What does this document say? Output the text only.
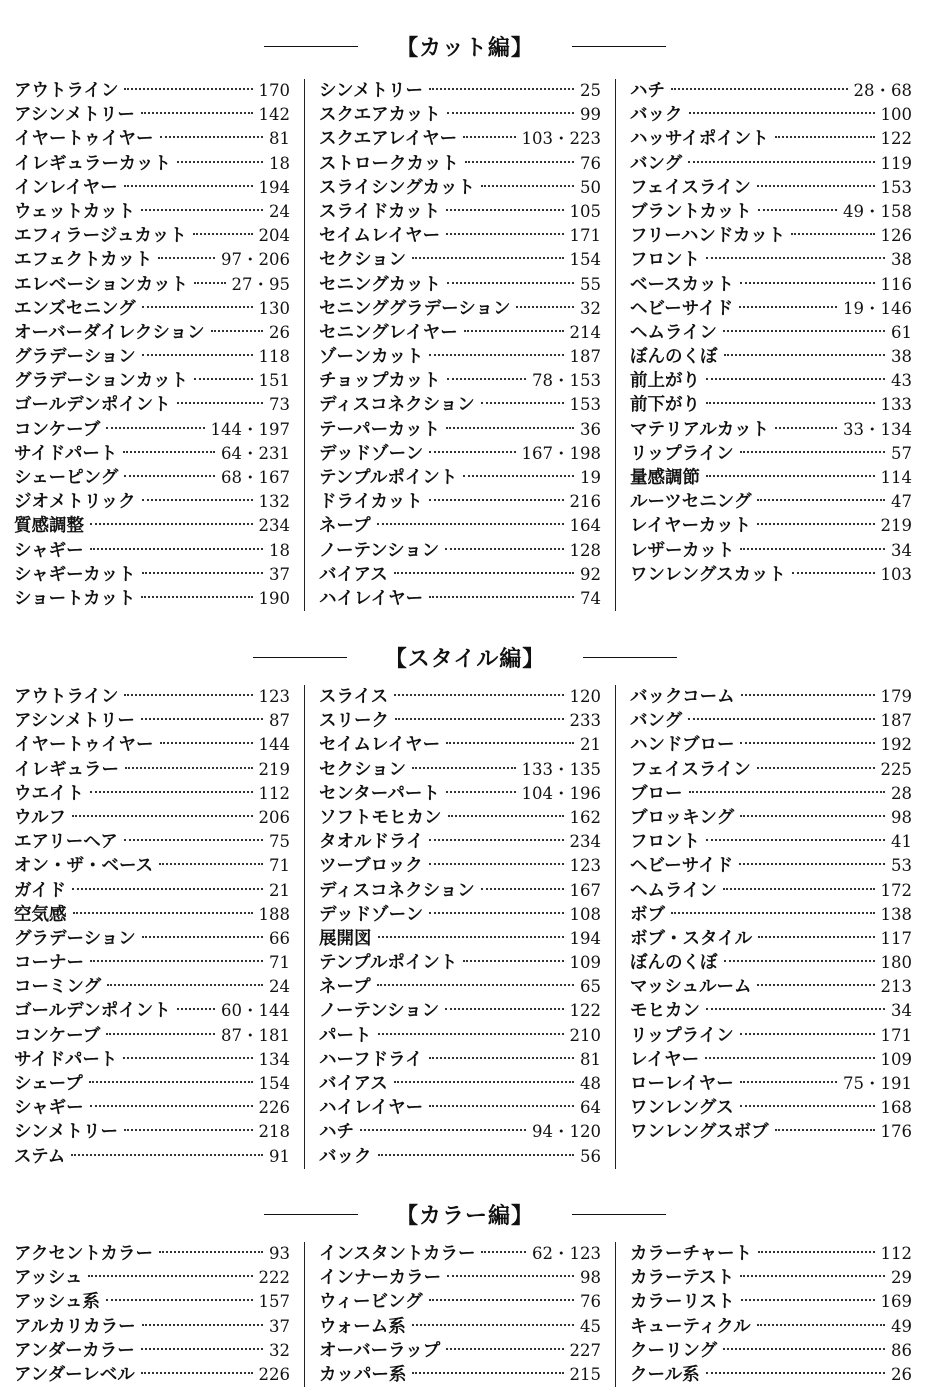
【カット編】
アウトライン	170
アシンメトリー	142
イヤートゥイヤー	81
イレギュラーカット	18
インレイヤー	194
ウェットカット	24
エフィラージュカット	204
エフェクトカット	97・206
エレベーションカット	27・95
エンズセニング	130
オーバーダイレクション	26
グラデーション	118
グラデーションカット	151
ゴールデンポイント	73
コンケーブ	144・197
サイドパート	64・231
シェーピング	68・167
ジオメトリック	132
質感調整	234
シャギー	18
シャギーカット	37
ショートカット	190
シンメトリー	25
スクエアカット	99
スクエアレイヤー	103・223
ストロークカット	76
スライシングカット	50
スライドカット	105
セイムレイヤー	171
セクション	154
セニングカット	55
セニンググラデーション	32
セニングレイヤー	214
ゾーンカット	187
チョップカット	78・153
ディスコネクション	153
テーパーカット	36
デッドゾーン	167・198
テンプルポイント	19
ドライカット	216
ネープ	164
ノーテンション	128
バイアス	92
ハイレイヤー	74
ハチ	28・68
バック	100
ハッサイポイント	122
バング	119
フェイスライン	153
ブラントカット	49・158
フリーハンドカット	126
フロント	38
ベースカット	116
ヘビーサイド	19・146
ヘムライン	61
ぼんのくぼ	38
前上がり	43
前下がり	133
マテリアルカット	33・134
リップライン	57
量感調節	114
ルーツセニング	47
レイヤーカット	219
レザーカット	34
ワンレングスカット	103
【スタイル編】
アウトライン	123
アシンメトリー	87
イヤートゥイヤー	144
イレギュラー	219
ウエイト	112
ウルフ	206
エアリーヘア	75
オン・ザ・ベース	71
ガイド	21
空気感	188
グラデーション	66
コーナー	71
コーミング	24
ゴールデンポイント	60・144
コンケーブ	87・181
サイドパート	134
シェープ	154
シャギー	226
シンメトリー	218
ステム	91
スライス	120
スリーク	233
セイムレイヤー	21
セクション	133・135
センターパート	104・196
ソフトモヒカン	162
タオルドライ	234
ツーブロック	123
ディスコネクション	167
デッドゾーン	108
展開図	194
テンプルポイント	109
ネープ	65
ノーテンション	122
パート	210
ハーフドライ	81
バイアス	48
ハイレイヤー	64
ハチ	94・120
バック	56
バックコーム	179
バング	187
ハンドブロー	192
フェイスライン	225
ブロー	28
ブロッキング	98
フロント	41
ヘビーサイド	53
ヘムライン	172
ボブ	138
ボブ・スタイル	117
ぼんのくぼ	180
マッシュルーム	213
モヒカン	34
リップライン	171
レイヤー	109
ローレイヤー	75・191
ワンレングス	168
ワンレングスボブ	176
【カラー編】
アクセントカラー	93
アッシュ	222
アッシュ系	157
アルカリカラー	37
アンダーカラー	32
アンダーレベル	226
インスタントカラー	62・123
インナーカラー	98
ウィービング	76
ウォーム系	45
オーバーラップ	227
カッパー系	215
カラーチャート	112
カラーテスト	29
カラーリスト	169
キューティクル	49
クーリング	86
クール系	26
